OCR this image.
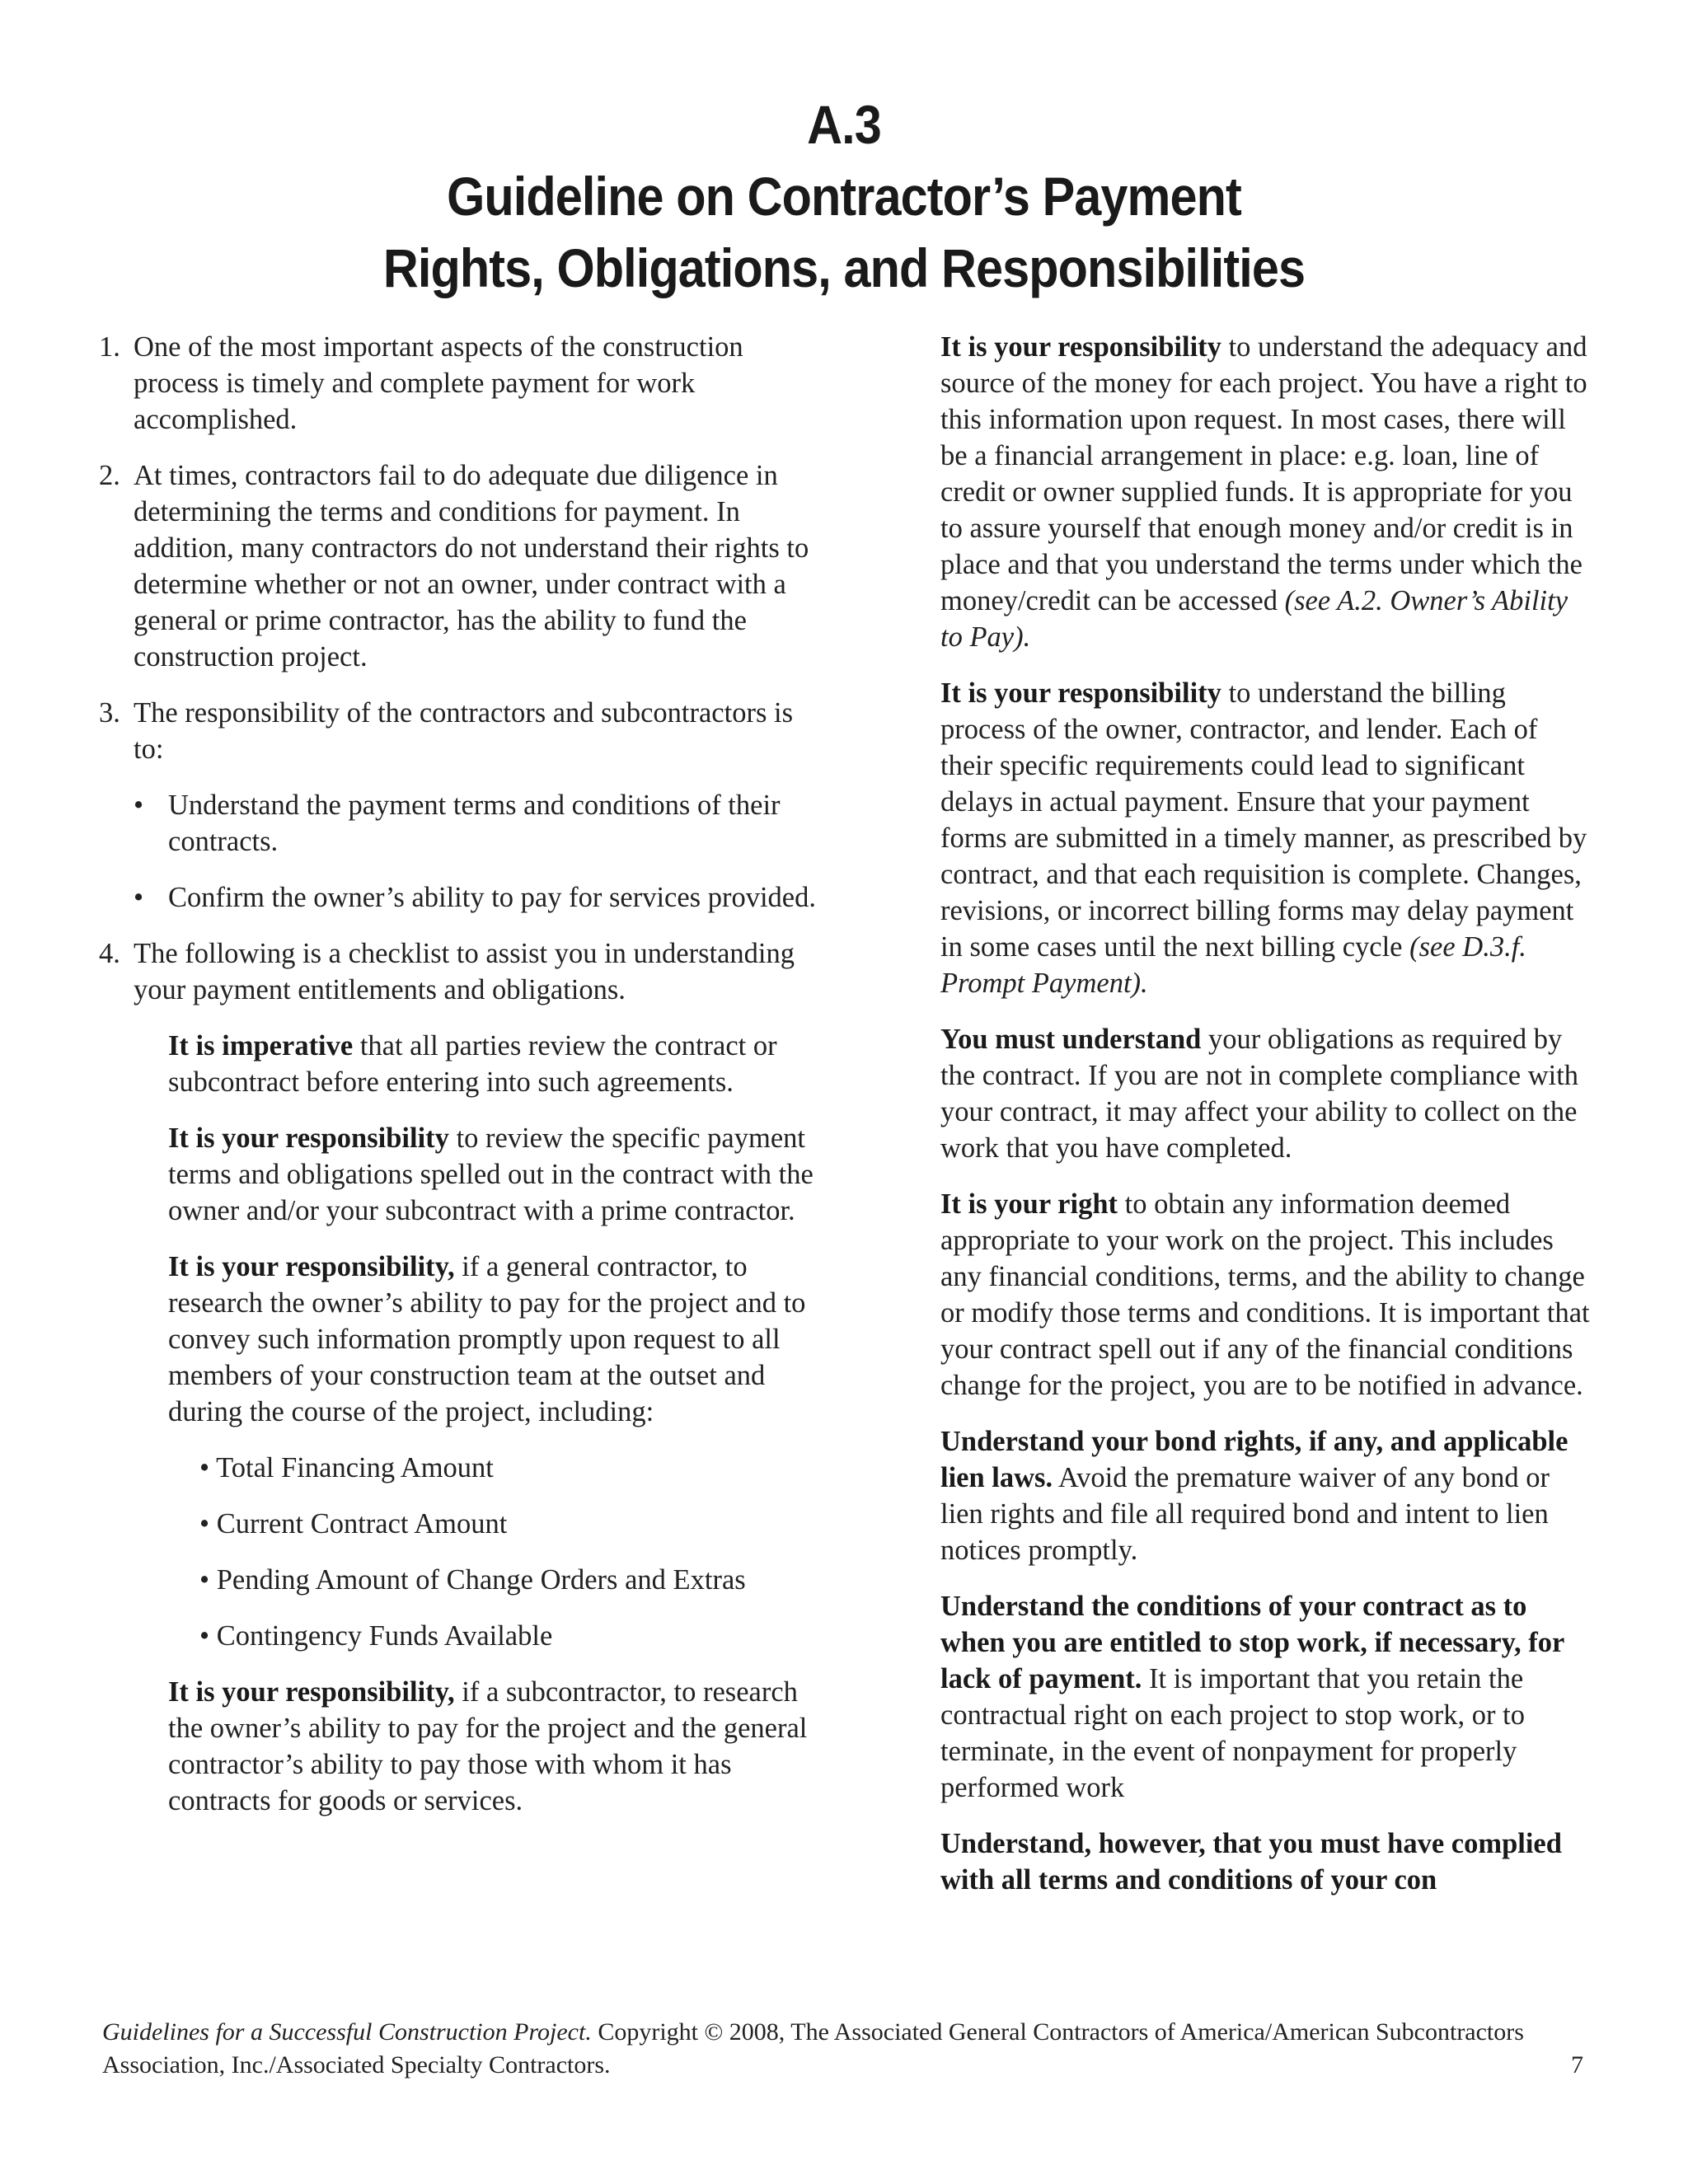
A.3
Guideline on Contractor’s Payment
Rights, Obligations, and Responsibilities
1. One of the most important aspects of the construction process is timely and complete payment for work accomplished.
2. At times, contractors fail to do adequate due diligence in determining the terms and conditions for payment. In addition, many contractors do not understand their rights to determine whether or not an owner, under contract with a general or prime contractor, has the ability to fund the construction project.
3. The responsibility of the contractors and subcontractors is to:
• Understand the payment terms and conditions of their contracts.
• Confirm the owner’s ability to pay for services provided.
4. The following is a checklist to assist you in understanding your payment entitlements and obligations.

It is imperative that all parties review the contract or subcontract before entering into such agreements.

It is your responsibility to review the specific payment terms and obligations spelled out in the contract with the owner and/or your subcontract with a prime contractor.

It is your responsibility, if a general contractor, to research the owner’s ability to pay for the project and to convey such information promptly upon request to all members of your construction team at the outset and during the course of the project, including:

• Total Financing Amount

• Current Contract Amount

• Pending Amount of Change Orders and Extras

• Contingency Funds Available

It is your responsibility, if a subcontractor, to research the owner’s ability to pay for the project and the general contractor’s ability to pay those with whom it has contracts for goods or services.

It is your responsibility to understand the adequacy and source of the money for each project. You have a right to this information upon request. In most cases, there will be a financial arrangement in place: e.g. loan, line of credit or owner supplied funds. It is appropriate for you to assure yourself that enough money and/or credit is in place and that you understand the terms under which the money/credit can be accessed (see A.2. Owner’s Ability to Pay).

It is your responsibility to understand the billing process of the owner, contractor, and lender. Each of their specific requirements could lead to significant delays in actual payment. Ensure that your payment forms are submitted in a timely manner, as prescribed by contract, and that each requisition is complete. Changes, revisions, or incorrect billing forms may delay payment in some cases until the next billing cycle (see D.3.f. Prompt Payment).

You must understand your obligations as required by the contract. If you are not in complete compliance with your contract, it may affect your ability to collect on the work that you have completed.

It is your right to obtain any information deemed appropriate to your work on the project. This includes any financial conditions, terms, and the ability to change or modify those terms and conditions. It is important that your contract spell out if any of the financial conditions change for the project, you are to be notified in advance.

Understand your bond rights, if any, and applicable lien laws. Avoid the premature waiver of any bond or lien rights and file all required bond and intent to lien notices promptly.

Understand the conditions of your contract as to when you are entitled to stop work, if necessary, for lack of payment. It is important that you retain the contractual right on each project to stop work, or to terminate, in the event of nonpayment for properly performed work

Understand, however, that you must have complied with all terms and conditions of your con

Guidelines for a Successful Construction Project. Copyright © 2008, The Associated General Contractors of America/American Subcontractors Association, Inc./Associated Specialty Contractors.	7
